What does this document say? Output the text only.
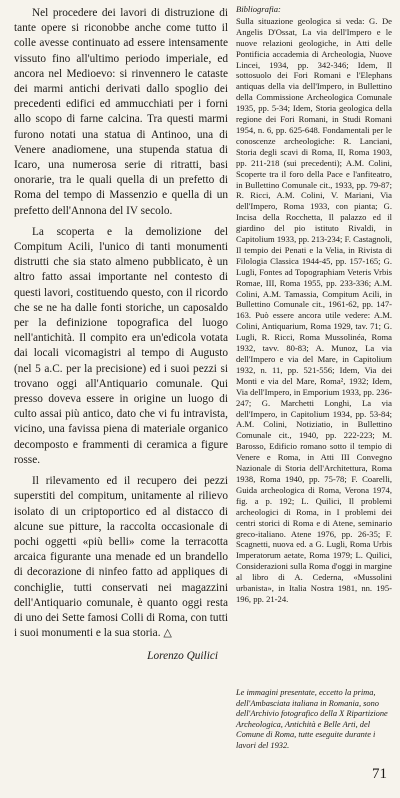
Nel procedere dei lavori di distruzione di tante opere si riconobbe anche come tutto il colle avesse continuato ad essere intensamente vissuto fino all'ultimo periodo imperiale, ed ancora nel Medioevo: si rinvennero le cataste dei marmi antichi derivati dallo spoglio dei precedenti edifici ed ammucchiati per i forni allo scopo di farne calcina. Tra questi marmi furono notati una statua di Antinoo, una di Venere anadiomene, una stupenda statua di Icaro, una numerosa serie di ritratti, basi onorarie, tra le quali quella di un prefetto di Roma del tempo di Massenzio e quella di un prefetto dell'Annona del IV secolo.

La scoperta e la demolizione del Compitum Acili, l'unico di tanti monumenti distrutti che sia stato almeno pubblicato, è un altro fatto assai importante nel contesto di questi lavori, costituendo questo, con il ricordo che se ne ha dalle fonti storiche, un caposaldo per la definizione topografica del luogo nell'antichità. Il compito era un'edicola votata dai locali vicomagistri al tempo di Augusto (nel 5 a.C. per la precisione) ed i suoi pezzi si trovano oggi all'Antiquario comunale. Qui presso doveva essere in origine un luogo di culto assai più antico, dato che vi fu intravista, vicino, una favissa piena di materiale organico decomposto e frammenti di ceramica a figure rosse.

Il rilevamento ed il recupero dei pezzi superstiti del compitum, unitamente al rilievo isolato di un criptoportico ed al distacco di alcune sue pitture, la raccolta occasionale di pochi oggetti «più belli» come la terracotta arcaica figurante una menade ed un brandello di decorazione di ninfeo fatto ad appliques di conchiglie, tutti conservati nei magazzini dell'Antiquario comunale, è quanto oggi resta di uno dei Sette famosi Colli di Roma, con tutti i suoi monumenti e la sua storia. △

Lorenzo Quilici
Bibliografia:

Sulla situazione geologica si veda: G. De Angelis D'Ossat, La via dell'Impero e le nuove relazioni geologiche, in Atti delle Pontificia accademia di Archeologia, Nuove Lincei, 1934, pp. 342-346; Idem, Il sottosuolo dei Fori Romani e l'Elephans antiquas della via dell'Impero, in Bullettino della Commissione Archeologica Comunale 1935, pp. 5-34; Idem, Storia geologica della regione dei Fori Romani, in Studi Romani 1954, n. 6, pp. 625-648. Fondamentali per le conoscenze archeologiche: R. Lanciani, Storia degli scavi di Roma, II, Roma 1903, pp. 211-218 (sui precedenti); A.M. Colini, Scoperte tra il foro della Pace e l'anfiteatro, in Bullettino Comunale cit., 1933, pp. 79-87; R. Ricci, A.M. Colini, V. Mariani, Via dell'Impero, Roma 1933, con pianta; G. Incisa della Rocchetta, Il palazzo ed il giardino del pio istituto Rivaldi, in Capitolium 1933, pp. 213-234; F. Castagnoli, Il tempio dei Penati e la Velia, in Rivista di Filologia Classica 1944-45, pp. 157-165; G. Lugli, Fontes ad Topographiam Veteris Vrbis Romae, III, Roma 1955, pp. 233-336; A.M. Colini, A.M. Tamassia, Compitum Acili, in Bullettino Comunale cit., 1961-62, pp. 147-163. Può essere ancora utile vedere: A.M. Colini, Antiquarium, Roma 1929, tav. 71; G. Lugli, R. Ricci, Roma Mussolinéa, Roma 1932, tavv. 80-83; A. Munoz, La via dell'Impero e via del Mare, in Capitolium 1932, n. 11, pp. 521-556; Idem, Via dei Monti e via del Mare, Roma², 1932; Idem, Via dell'Impero, in Emporium 1933, pp. 236-247; G. Marchetti Longhi, La via dell'Impero, in Capitolium 1934, pp. 53-84; A.M. Colini, Notiziatio, in Bullettino Comunale cit., 1940, pp. 222-223; M. Barosso, Edificio romano sotto il tempio di Venere e Roma, in Atti III Convegno Nazionale di Storia dell'Architettura, Roma 1938, Roma 1940, pp. 75-78; F. Coarelli, Guida archeologica di Roma, Verona 1974, fig. a p. 192; L. Quilici, Il problemi archeologici di Roma, in I problemi dei centri storici di Roma e di Atene, seminario greco-italiano. Atene 1976, pp. 26-35; F. Scagnetti, nuova ed. a G. Lugli, Roma Urbis Imperatorum aetate, Roma 1979; L. Quilici, Considerazioni sulla Roma d'oggi in margine al libro di A. Cederna, «Mussolini urbanista», in Italia Nostra 1981, nn. 195-196, pp. 21-24.

Le immagini presentate, eccetto la prima, dell'Ambasciata italiana in Romania, sono dell'Archivio fotografico della X Ripartizione Archeologica, Antichità e Belle Arti, del Comune di Roma, tutte eseguite durante i lavori del 1932.
71
